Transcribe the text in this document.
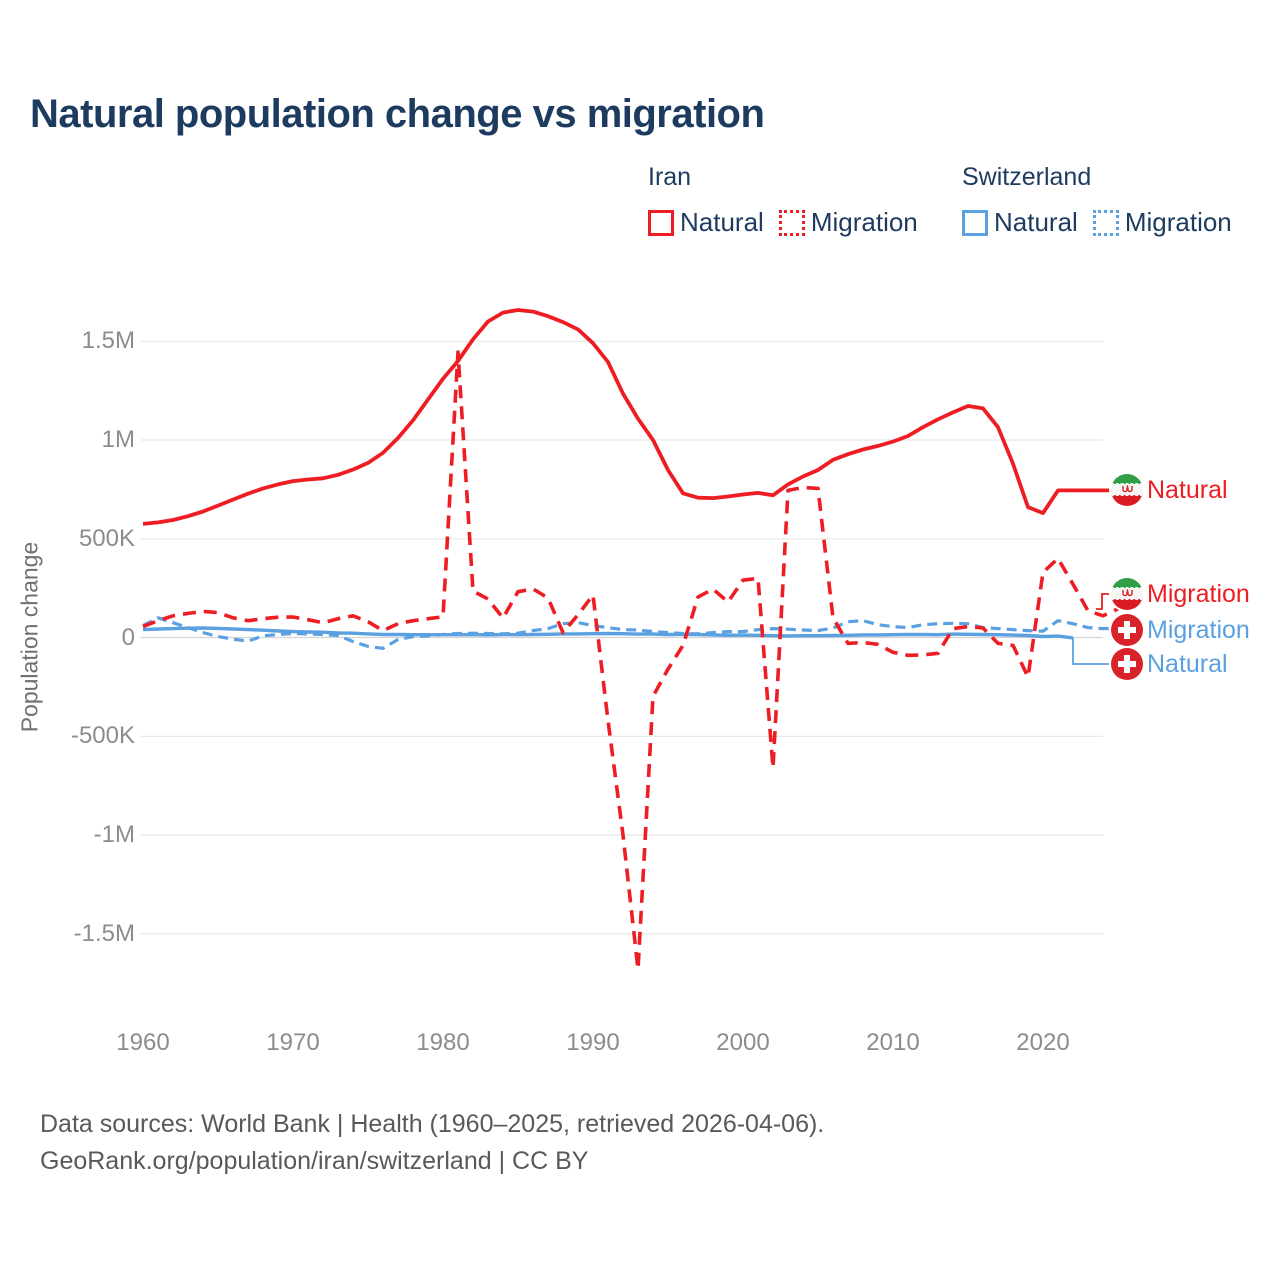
Natural population change vs migration
Iran
Natural Migration
Switzerland
Natural Migration
Population change
Natural
Migration
Migration
Natural
Data sources: World Bank | Health (1960–2025, retrieved 2026-04-06).
GeoRank.org/population/iran/switzerland | CC BY
1.5M
1M
500K
0
-500K
-1M
-1.5M
1960	1970	1980	1990	2000	2010	2020
